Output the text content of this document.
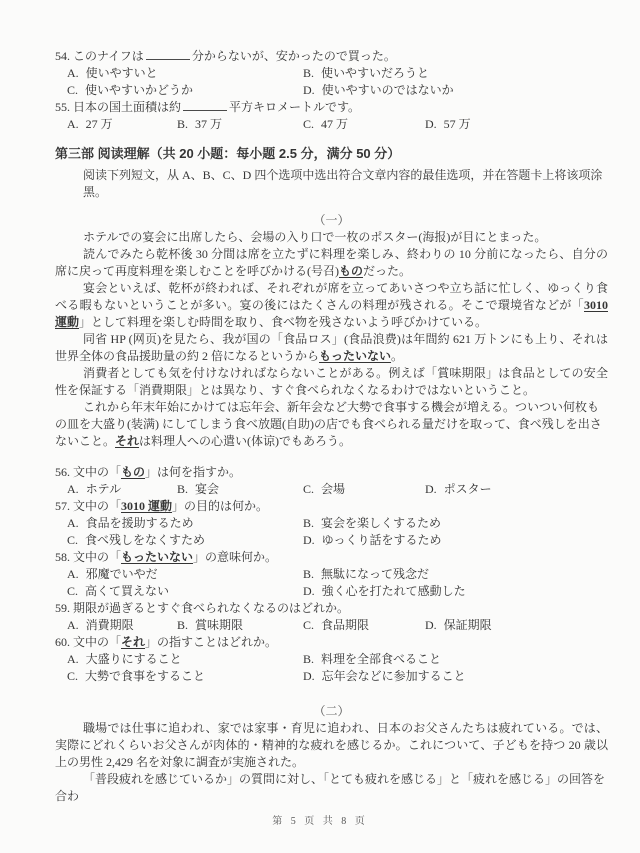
54. このナイフは	分からないが、安かったので買った。
A. 使いやすいと	B. 使いやすいだろうと
C. 使いやすいかどうか	D. 使いやすいのではないか
55. 日本の国土面積は約	平方キロメートルです。
A. 27 万	B. 37 万	C. 47 万	D. 57 万
第三部 阅读理解（共 20 小题：每小题 2.5 分，满分 50 分）
阅读下列短文，从 A、B、C、D 四个选项中选出符合文章内容的最佳选项，并在答题卡上将该项涂黑。
（一）

ホテルでの宴会に出席したら、会場の入り口で一枚のポスター(海报)が目にとまった。

読んでみたら乾杯後 30 分間は席を立たずに料理を楽しみ、終わりの 10 分前になったら、自分の席に戻って再度料理を楽しむことを呼びかける(号召)ものだった。

宴会といえば、乾杯が終われば、それぞれが席を立ってあいさつや立ち話に忙しく、ゆっくり食べる暇もないということが多い。宴の後にはたくさんの料理が残される。そこで環境省などが「3010 運動」として料理を楽しむ時間を取り、食べ物を残さないよう呼びかけている。

同省 HP (网页)を見たら、我が国の「食品ロス」(食品浪费)は年間約 621 万トンにも上り、それは世界全体の食品援助量の約 2 倍になるというからもったいない。

消費者としても気を付けなければならないことがある。例えば「賞味期限」は食品としての安全性を保証する「消費期限」とは異なり、すぐ食べられなくなるわけではないということ。

これから年末年始にかけては忘年会、新年会など大勢で食事する機会が増える。ついつい何枚もの皿を大盛り(装满) にしてしまう食べ放題(自助)の店でも食べられる量だけを取って、食べ残しを出さないこと。それは料理人への心遣い(体谅)でもあろう。

56. 文中の「もの」は何を指すか。
A. ホテル	B. 宴会	C. 会場	D. ポスター
57. 文中の「3010 運動」の目的は何か。
A. 食品を援助するため	B. 宴会を楽しくするため
C. 食べ残しをなくすため	D. ゆっくり話をするため
58. 文中の「もったいない」の意味何か。
A. 邪魔でいやだ	B. 無駄になって残念だ
C. 高くて買えない	D. 強く心を打たれて感動した
59. 期限が過ぎるとすぐ食べられなくなるのはどれか。
A. 消費期限	B. 賞味期限	C. 食品期限	D. 保証期限
60. 文中の「それ」の指すことはどれか。
A. 大盛りにすること	B. 料理を全部食べること
C. 大勢で食事をすること	D. 忘年会などに参加すること
（二）

職場では仕事に追われ、家では家事・育児に追われ、日本のお父さんたちは疲れている。では、実際にどれくらいお父さんが肉体的・精神的な疲れを感じるか。これについて、子どもを持つ 20 歳以上の男性 2,429 名を対象に調査が実施された。

「普段疲れを感じているか」の質問に対し、「とても疲れを感じる」と「疲れを感じる」の回答を合わ

第 5 页 共 8 页
